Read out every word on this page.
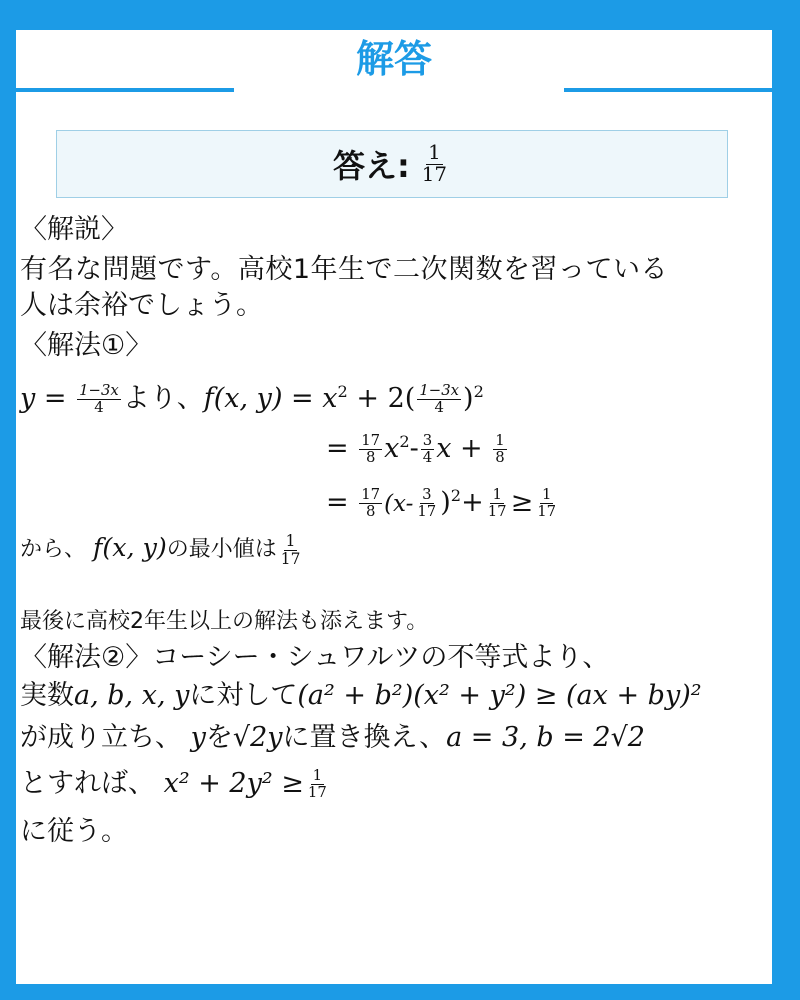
解答
答え: $\frac{1}{17}$
〈解説〉
有名な問題です。高校1年生で二次関数を習っている
人は余裕でしょう。
〈解法①〉
$y = \frac{1-3x}{4}$ より、f(x, $y) = x^2 + 2( \frac{1-3x}{4} )^2$
= $\frac{17}{8} x^2- \frac{3}{4}$ $x + \frac{1}{8}$
= $\frac{17}{8} (x- \frac{3}{17} )^2+ \frac{1}{17} \ge \frac{1}{17}$
から、 f(x, y)の最小値は $\frac{1}{17}$
最後に高校2年生以上の解法も添えます。
〈解法②〉コーシー・シュワルツの不等式より、
実数a, b, x, yに対して(a² + b²)(x² + y²) ≥ (ax + by)²
が成り立ち、 yを√2yに置き換え、a = 3, b = 2√2
とすれば、 $x^2 + 2y^2 \ge \frac{1}{17}$
に従う。
